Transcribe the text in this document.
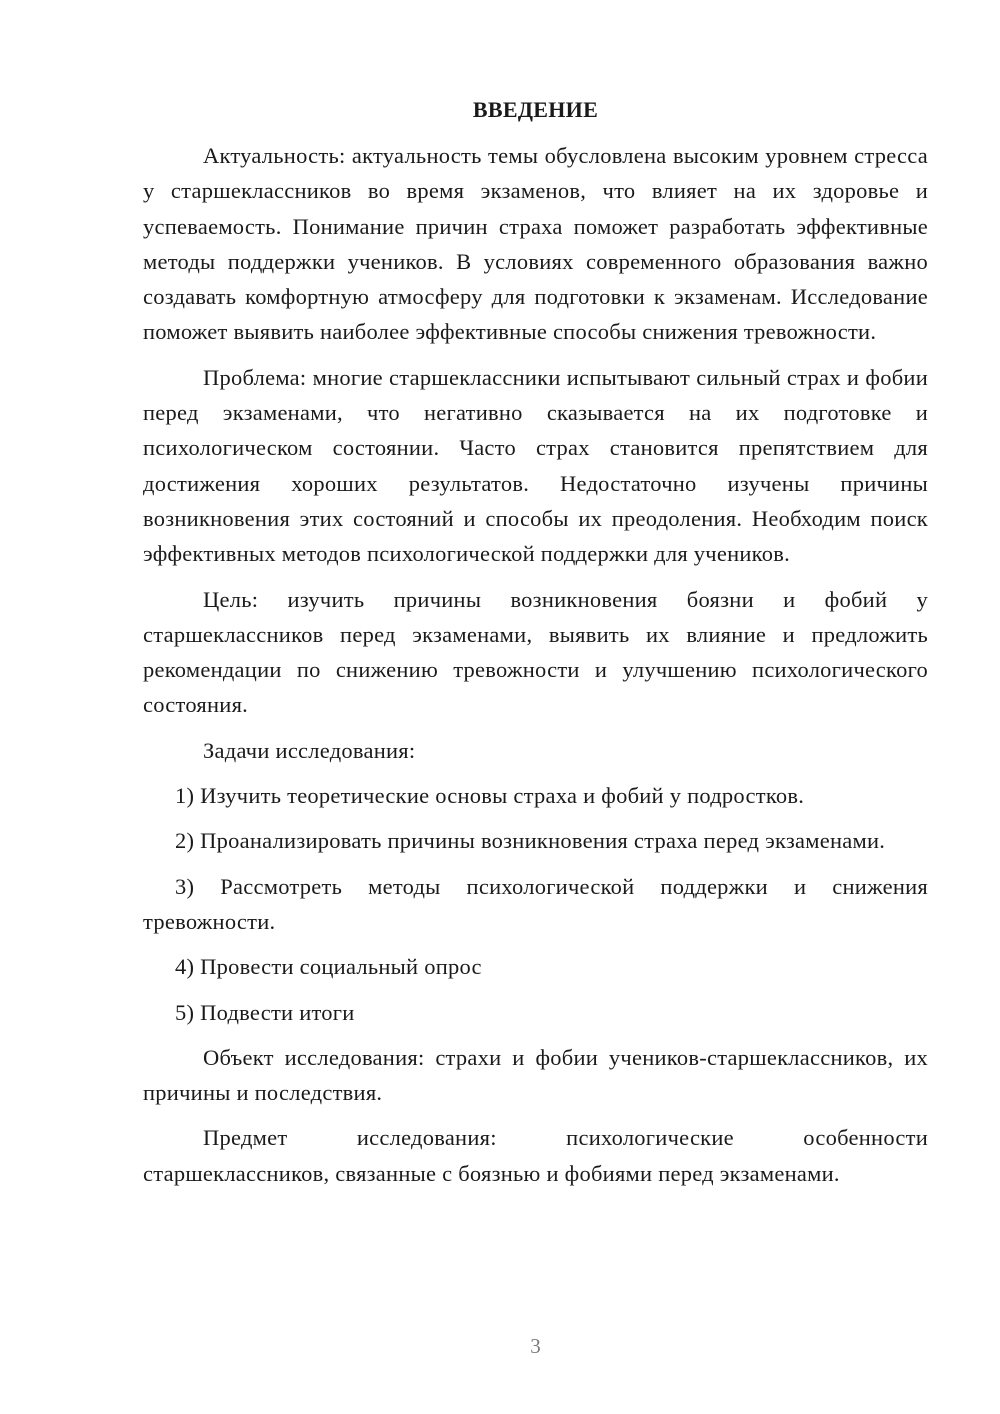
ВВЕДЕНИЕ

Актуальность: актуальность темы обусловлена высоким уровнем стресса у старшеклассников во время экзаменов, что влияет на их здоровье и успеваемость. Понимание причин страха поможет разработать эффективные методы поддержки учеников. В условиях современного образования важно создавать комфортную атмосферу для подготовки к экзаменам. Исследование поможет выявить наиболее эффективные способы снижения тревожности.

Проблема: многие старшеклассники испытывают сильный страх и фобии перед экзаменами, что негативно сказывается на их подготовке и психологическом состоянии. Часто страх становится препятствием для достижения хороших результатов. Недостаточно изучены причины возникновения этих состояний и способы их преодоления. Необходим поиск эффективных методов психологической поддержки для учеников.

Цель: изучить причины возникновения боязни и фобий у старшеклассников перед экзаменами, выявить их влияние и предложить рекомендации по снижению тревожности и улучшению психологического состояния.

Задачи исследования:

1) Изучить теоретические основы страха и фобий у подростков.

2) Проанализировать причины возникновения страха перед экзаменами.

3) Рассмотреть методы психологической поддержки и снижения тревожности.

4) Провести социальный опрос

5) Подвести итоги

Объект исследования: страхи и фобии учеников-старшеклассников, их причины и последствия.

Предмет исследования: психологические особенности старшеклассников, связанные с боязнью и фобиями перед экзаменами.

3
